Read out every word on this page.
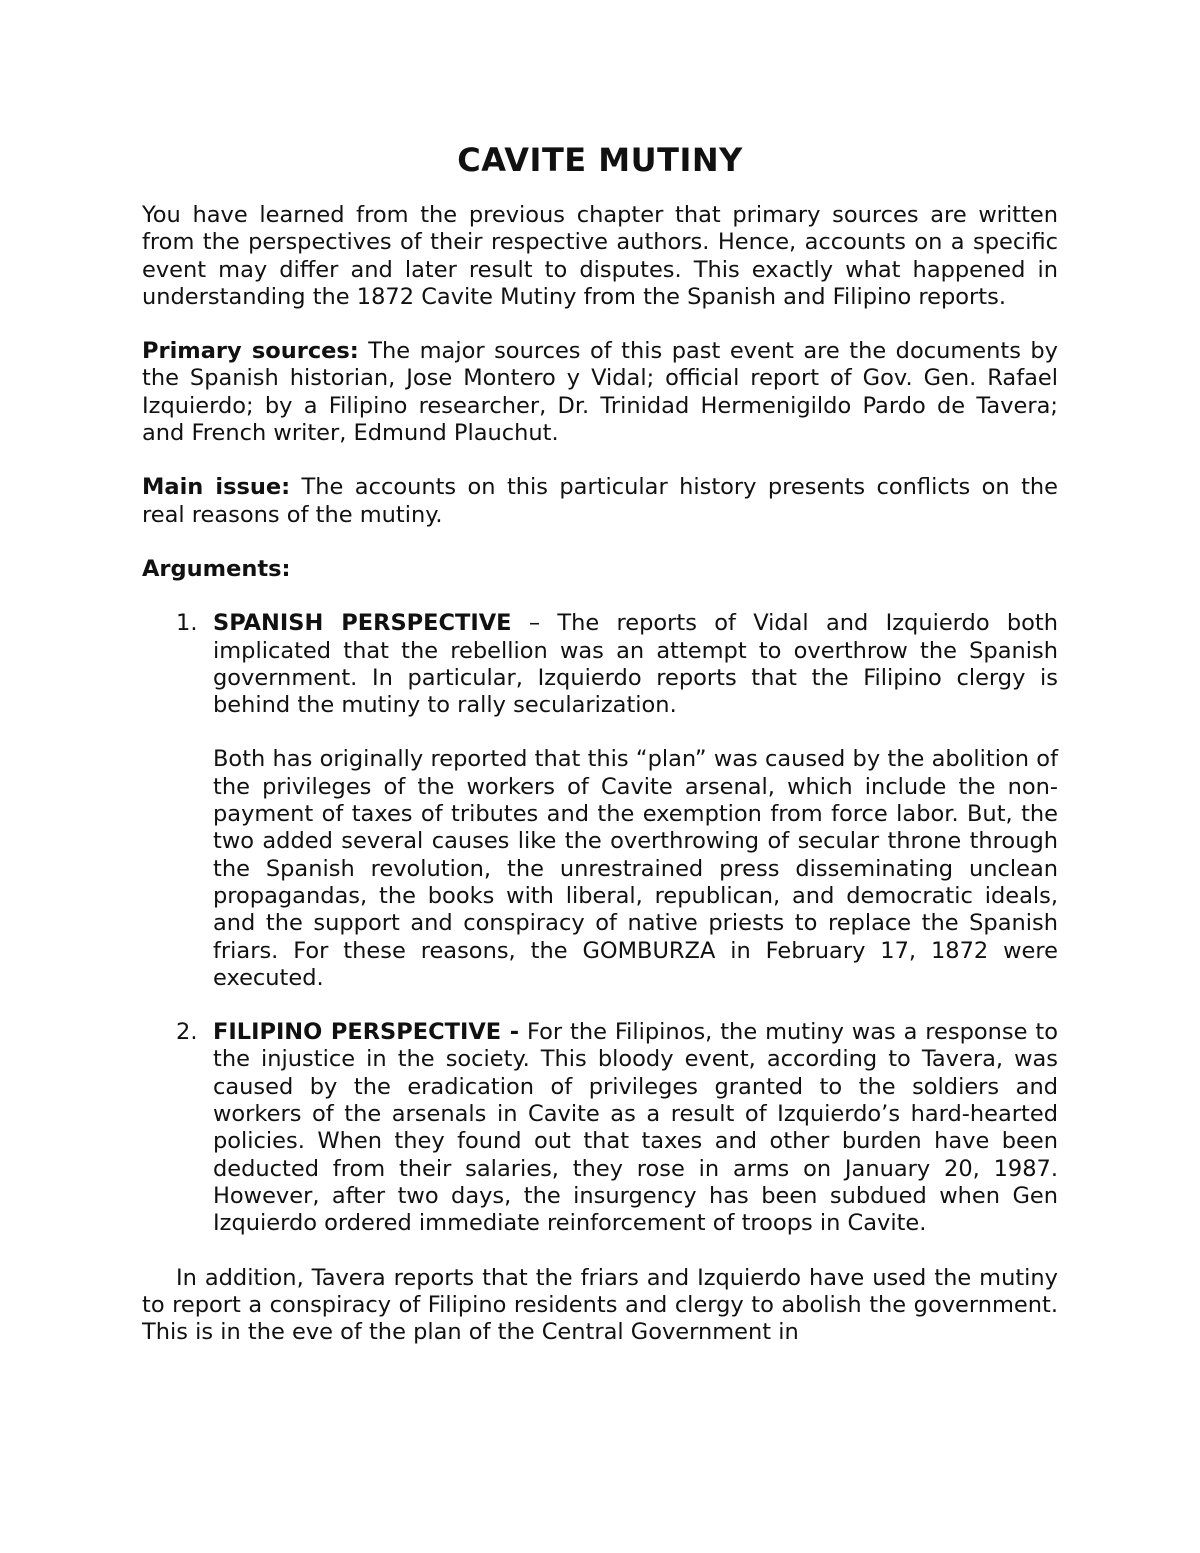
CAVITE MUTINY

You have learned from the previous chapter that primary sources are written from the perspectives of their respective authors. Hence, accounts on a specific event may differ and later result to disputes. This exactly what happened in understanding the 1872 Cavite Mutiny from the Spanish and Filipino reports.

Primary sources: The major sources of this past event are the documents by the Spanish historian, Jose Montero y Vidal; official report of Gov. Gen. Rafael Izquierdo; by a Filipino researcher, Dr. Trinidad Hermenigildo Pardo de Tavera; and French writer, Edmund Plauchut.

Main issue: The accounts on this particular history presents conflicts on the real reasons of the mutiny.

Arguments:
1. SPANISH PERSPECTIVE – The reports of Vidal and Izquierdo both implicated that the rebellion was an attempt to overthrow the Spanish government. In particular, Izquierdo reports that the Filipino clergy is behind the mutiny to rally secularization.

Both has originally reported that this “plan” was caused by the abolition of the privileges of the workers of Cavite arsenal, which include the non-payment of taxes of tributes and the exemption from force labor. But, the two added several causes like the overthrowing of secular throne through the Spanish revolution, the unrestrained press disseminating unclean propagandas, the books with liberal, republican, and democratic ideals, and the support and conspiracy of native priests to replace the Spanish friars. For these reasons, the GOMBURZA in February 17, 1872 were executed.

2. FILIPINO PERSPECTIVE - For the Filipinos, the mutiny was a response to the injustice in the society. This bloody event, according to Tavera, was caused by the eradication of privileges granted to the soldiers and workers of the arsenals in Cavite as a result of Izquierdo’s hard-hearted policies. When they found out that taxes and other burden have been deducted from their salaries, they rose in arms on January 20, 1987. However, after two days, the insurgency has been subdued when Gen Izquierdo ordered immediate reinforcement of troops in Cavite.

In addition, Tavera reports that the friars and Izquierdo have used the mutiny to report a conspiracy of Filipino residents and clergy to abolish the government. This is in the eve of the plan of the Central Government in
